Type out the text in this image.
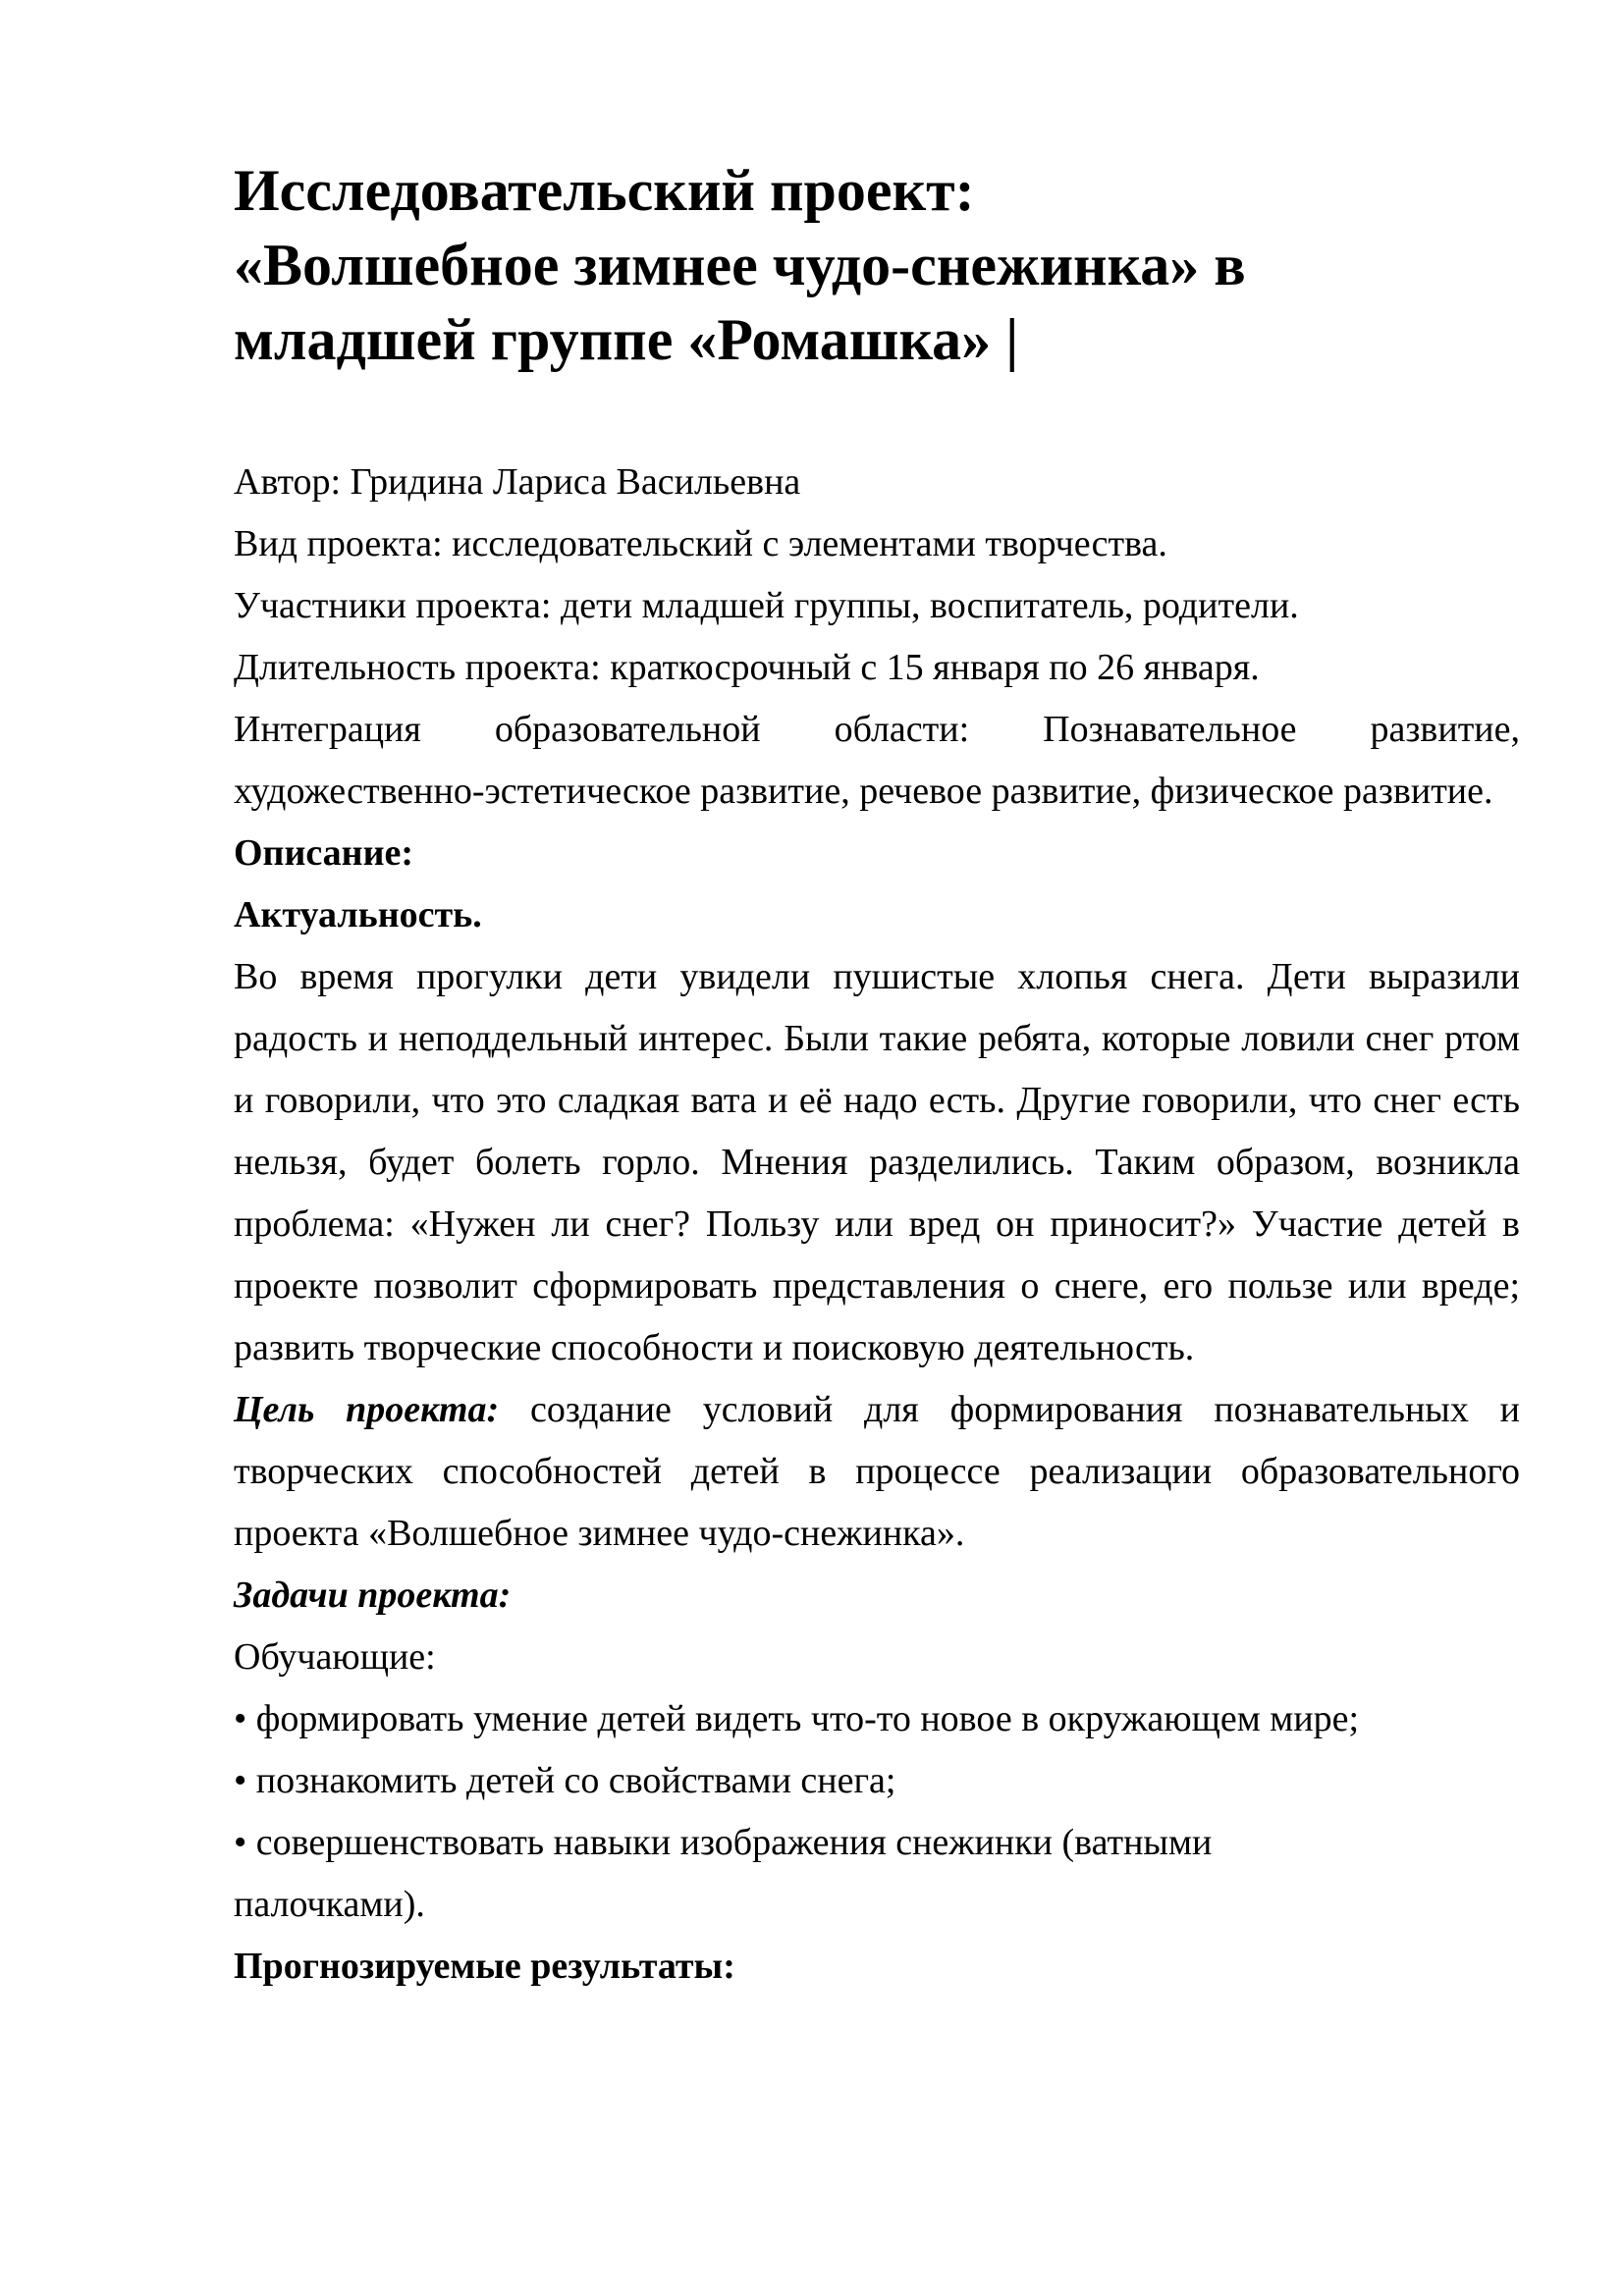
Исследовательский проект:
«Волшебное зимнее чудо-снежинка» в
младшей группе «Ромашка» |

Автор: Гридина Лариса Васильевна

Вид проекта: исследовательский с элементами творчества.

Участники проекта: дети младшей группы, воспитатель, родители.

Длительность проекта: краткосрочный с 15 января по 26 января.

Интеграция образовательной области: Познавательное развитие, художественно-эстетическое развитие, речевое развитие, физическое развитие.

Описание:

Актуальность.

Во время прогулки дети увидели пушистые хлопья снега. Дети выразили радость и неподдельный интерес. Были такие ребята, которые ловили снег ртом и говорили, что это сладкая вата и её надо есть. Другие говорили, что снег есть нельзя, будет болеть горло. Мнения разделились. Таким образом, возникла проблема: «Нужен ли снег? Пользу или вред он приносит?» Участие детей в проекте позволит сформировать представления о снеге, его пользе или вреде; развить творческие способности и поисковую деятельность.

Цель проекта: создание условий для формирования познавательных и творческих способностей детей в процессе реализации образовательного проекта «Волшебное зимнее чудо-снежинка».

Задачи проекта:

Обучающие:

• формировать умение детей видеть что-то новое в окружающем мире;

• познакомить детей со свойствами снега;

• совершенствовать навыки изображения снежинки (ватными палочками).

Прогнозируемые результаты:
